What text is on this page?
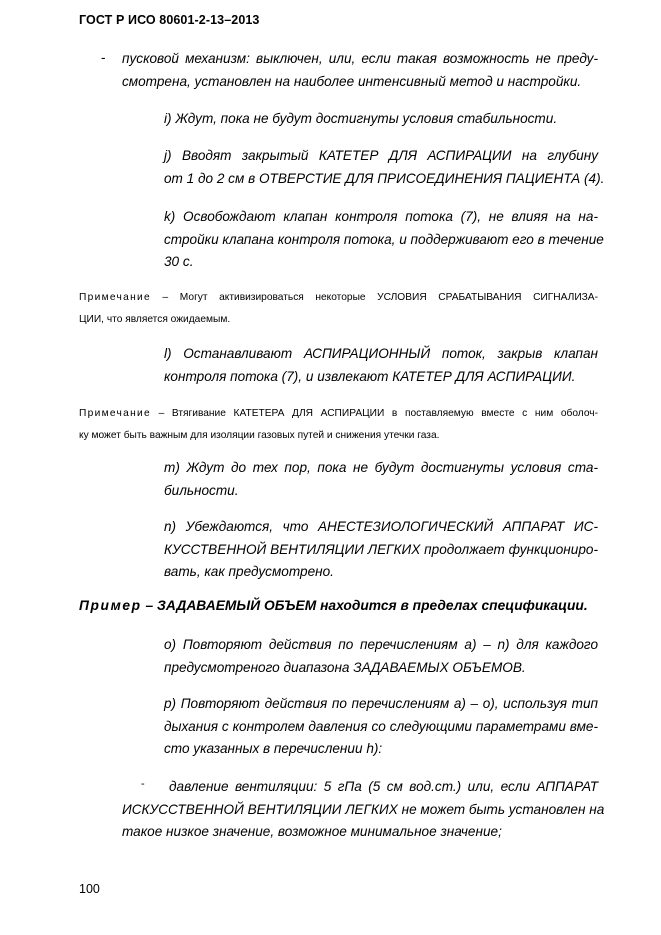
ГОСТ Р ИСО 80601-2-13–2013
- пусковой механизм: выключен, или, если такая возможность не преду-
смотрена, установлен на наиболее интенсивный метод и настройки.
i) Ждут, пока не будут достигнуты условия стабильности.
j) Вводят закрытый КАТЕТЕР ДЛЯ АСПИРАЦИИ на глубину
от 1 до 2 см в ОТВЕРСТИЕ ДЛЯ ПРИСОЕДИНЕНИЯ ПАЦИЕНТА (4).
k) Освобождают клапан контроля потока (7), не влияя на на-
стройки клапана контроля потока, и поддерживают его в течение
30 с.
Примечание – Могут активизироваться некоторые УСЛОВИЯ СРАБАТЫВАНИЯ СИГНАЛИЗА-
ЦИИ, что является ожидаемым.
l) Останавливают АСПИРАЦИОННЫЙ поток, закрыв клапан
контроля потока (7), и извлекают КАТЕТЕР ДЛЯ АСПИРАЦИИ.
Примечание – Втягивание КАТЕТЕРА ДЛЯ АСПИРАЦИИ в поставляемую вместе с ним оболоч-
ку может быть важным для изоляции газовых путей и снижения утечки газа.
m) Ждут до тех пор, пока не будут достигнуты условия ста-
бильности.
n) Убеждаются, что АНЕСТЕЗИОЛОГИЧЕСКИЙ АППАРАТ ИС-
КУССТВЕННОЙ ВЕНТИЛЯЦИИ ЛЕГКИХ продолжает функциониро-
вать, как предусмотрено.
Пример – ЗАДАВАЕМЫЙ ОБЪЕМ находится в пределах спецификации.
o) Повторяют действия по перечислениям a) – n) для каждого
предусмотреного диапазона ЗАДАВАЕМЫХ ОБЪЕМОВ.
p) Повторяют действия по перечислениям a) – o), используя тип
дыхания с контролем давления со следующими параметрами вме-
сто указанных в перечислении h):
-	давление вентиляции: 5 гПа (5 см вод.ст.) или, если АППАРАТ
ИСКУССТВЕННОЙ ВЕНТИЛЯЦИИ ЛЕГКИХ не может быть установлен на
такое низкое значение, возможное минимальное значение;
100
